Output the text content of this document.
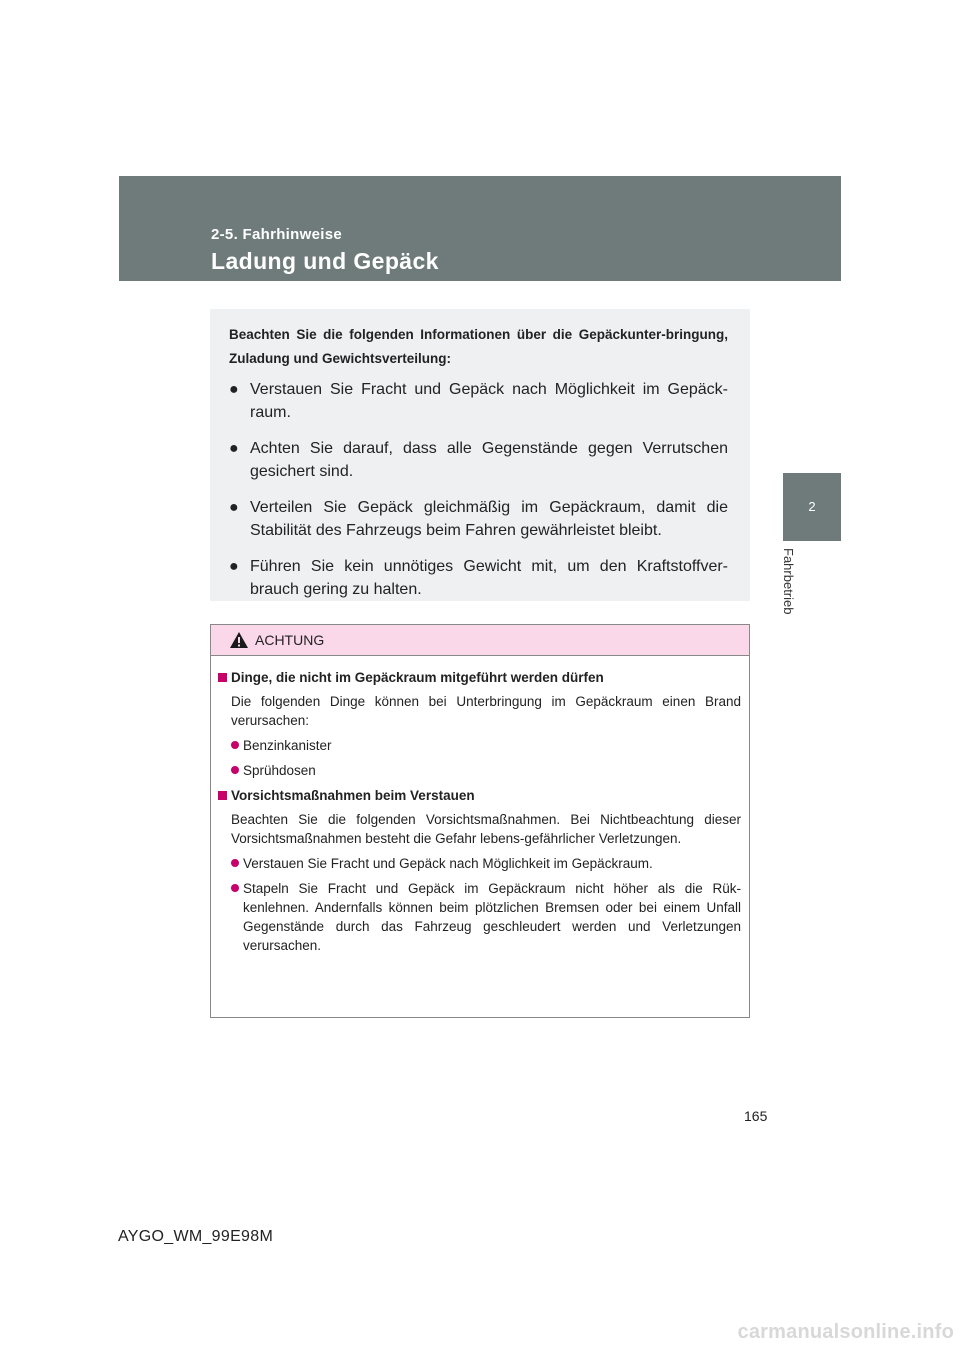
2-5. Fahrhinweise
Ladung und Gepäck
2
Fahrbetrieb

Beachten Sie die folgenden Informationen über die Gepäckunter-bringung, Zuladung und Gewichtsverteilung:

● Verstauen Sie Fracht und Gepäck nach Möglichkeit im Gepäck-raum.
● Achten Sie darauf, dass alle Gegenstände gegen Verrutschen gesichert sind.
● Verteilen Sie Gepäck gleichmäßig im Gepäckraum, damit die Stabilität des Fahrzeugs beim Fahren gewährleistet bleibt.
● Führen Sie kein unnötiges Gewicht mit, um den Kraftstoffver-brauch gering zu halten.
ACHTUNG
Dinge, die nicht im Gepäckraum mitgeführt werden dürfen
Die folgenden Dinge können bei Unterbringung im Gepäckraum einen Brand verursachen:
Benzinkanister
Sprühdosen
Vorsichtsmaßnahmen beim Verstauen
Beachten Sie die folgenden Vorsichtsmaßnahmen. Bei Nichtbeachtung dieser Vorsichtsmaßnahmen besteht die Gefahr lebens-gefährlicher Verletzungen.
Verstauen Sie Fracht und Gepäck nach Möglichkeit im Gepäckraum.
Stapeln Sie Fracht und Gepäck im Gepäckraum nicht höher als die Rük-kenlehnen. Andernfalls können beim plötzlichen Bremsen oder bei einem Unfall Gegenstände durch das Fahrzeug geschleudert werden und Verletzungen verursachen.
165
AYGO_WM_99E98M
carmanualsonline.info
